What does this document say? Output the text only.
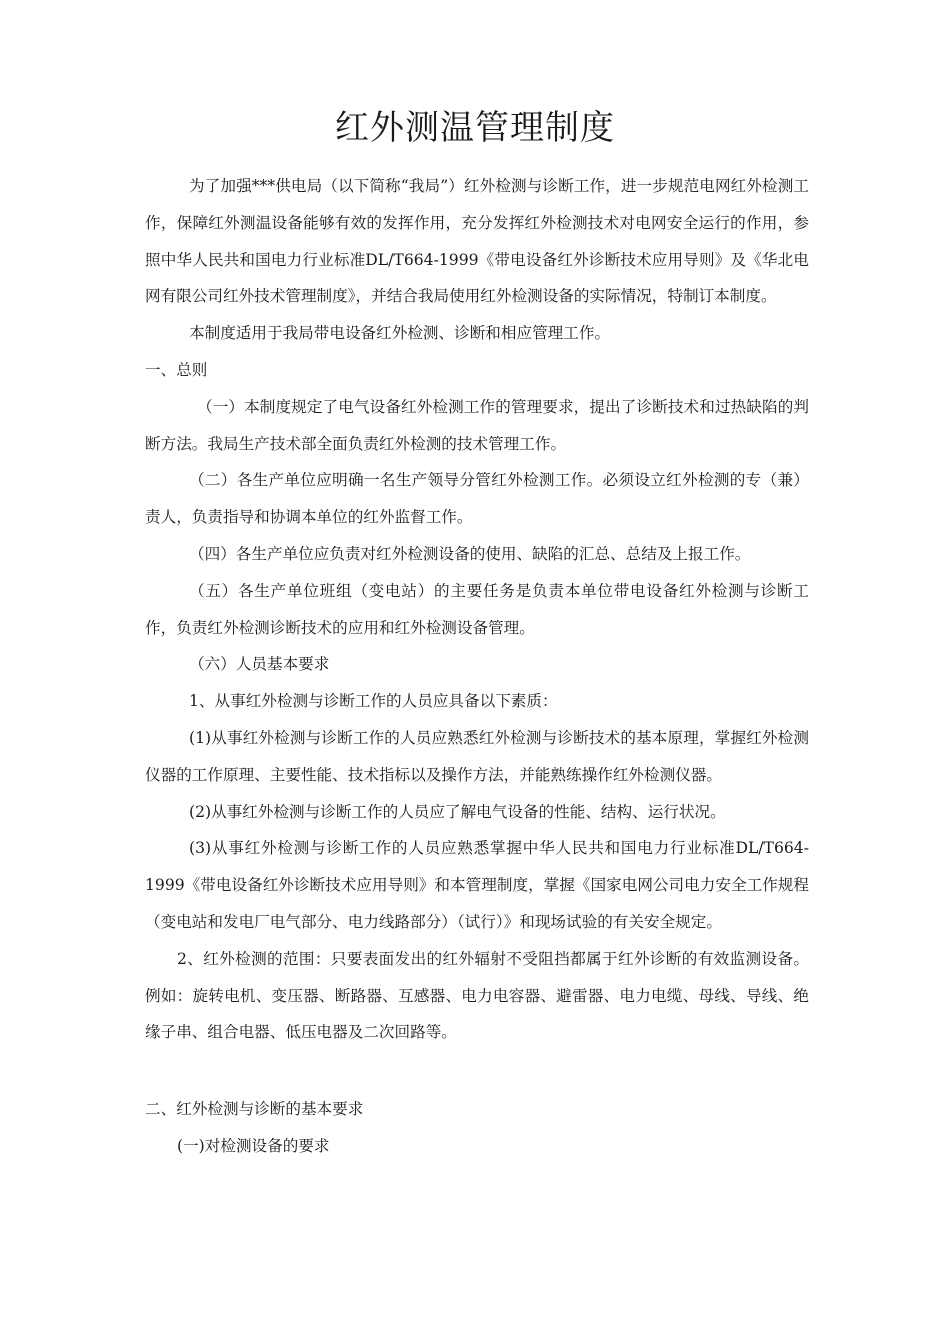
红外测温管理制度

为了加强***供电局（以下简称“我局”）红外检测与诊断工作，进一步规范电网红外检测工作，保障红外测温设备能够有效的发挥作用，充分发挥红外检测技术对电网安全运行的作用，参照中华人民共和国电力行业标准DL/T664-1999《带电设备红外诊断技术应用导则》及《华北电网有限公司红外技术管理制度》，并结合我局使用红外检测设备的实际情况，特制订本制度。

本制度适用于我局带电设备红外检测、诊断和相应管理工作。

一、总则

（一）本制度规定了电气设备红外检测工作的管理要求，提出了诊断技术和过热缺陷的判断方法。我局生产技术部全面负责红外检测的技术管理工作。

（二）各生产单位应明确一名生产领导分管红外检测工作。必须设立红外检测的专（兼）责人，负责指导和协调本单位的红外监督工作。

（四）各生产单位应负责对红外检测设备的使用、缺陷的汇总、总结及上报工作。

（五）各生产单位班组（变电站）的主要任务是负责本单位带电设备红外检测与诊断工作，负责红外检测诊断技术的应用和红外检测设备管理。

（六）人员基本要求

1、从事红外检测与诊断工作的人员应具备以下素质：

(1)从事红外检测与诊断工作的人员应熟悉红外检测与诊断技术的基本原理，掌握红外检测仪器的工作原理、主要性能、技术指标以及操作方法，并能熟练操作红外检测仪器。

(2)从事红外检测与诊断工作的人员应了解电气设备的性能、结构、运行状况。

(3)从事红外检测与诊断工作的人员应熟悉掌握中华人民共和国电力行业标准DL/T664-1999《带电设备红外诊断技术应用导则》和本管理制度，掌握《国家电网公司电力安全工作规程（变电站和发电厂电气部分、电力线路部分）（试行）》和现场试验的有关安全规定。

2、红外检测的范围：只要表面发出的红外辐射不受阻挡都属于红外诊断的有效监测设备。例如：旋转电机、变压器、断路器、互感器、电力电容器、避雷器、电力电缆、母线、导线、绝缘子串、组合电器、低压电器及二次回路等。

二、红外检测与诊断的基本要求

(一)对检测设备的要求
